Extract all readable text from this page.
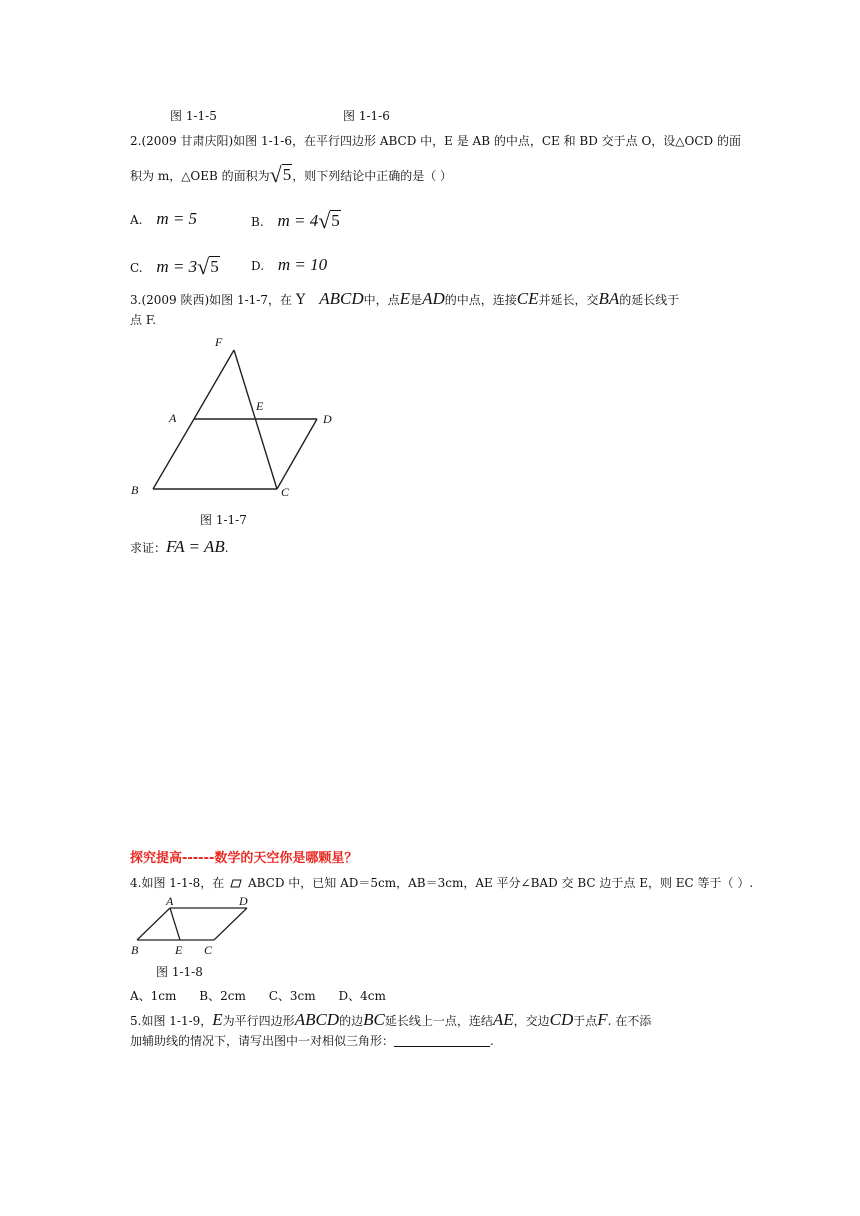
图 1-1-5	图 1-1-6
2.(2009 甘肃庆阳)如图 1-1-6，在平行四边形 ABCD 中，E 是 AB 的中点，CE 和 BD 交于点 O，设△OCD 的面
积为 m，△OEB 的面积为√5，则下列结论中正确的是（ ）
A. m = 5	B. m = 4√5
C. m = 3√5	D. m = 10
3.(2009 陕西)如图 1-1-7，在 Y ABCD中，点E是AD的中点，连接CE并延长，交BA的延长线于
点 F.
F
E
A	D
B	C
图 1-1-7
求证：FA = AB.
探究提高------数学的天空你是哪颗星？
4.如图 1-1-8，在 ABCD 中，已知 AD＝5cm，AB＝3cm，AE 平分∠BAD 交 BC 边于点 E，则 EC 等于（ ）.
A	D
B	E C
图 1-1-8
A、1cm      B、2cm      C、3cm      D、4cm
5.如图 1-1-9，E为平行四边形ABCD的边BC延长线上一点，连结AE，交边CD于点F. 在不添
加辅助线的情况下，请写出图中一对相似三角形：	.
